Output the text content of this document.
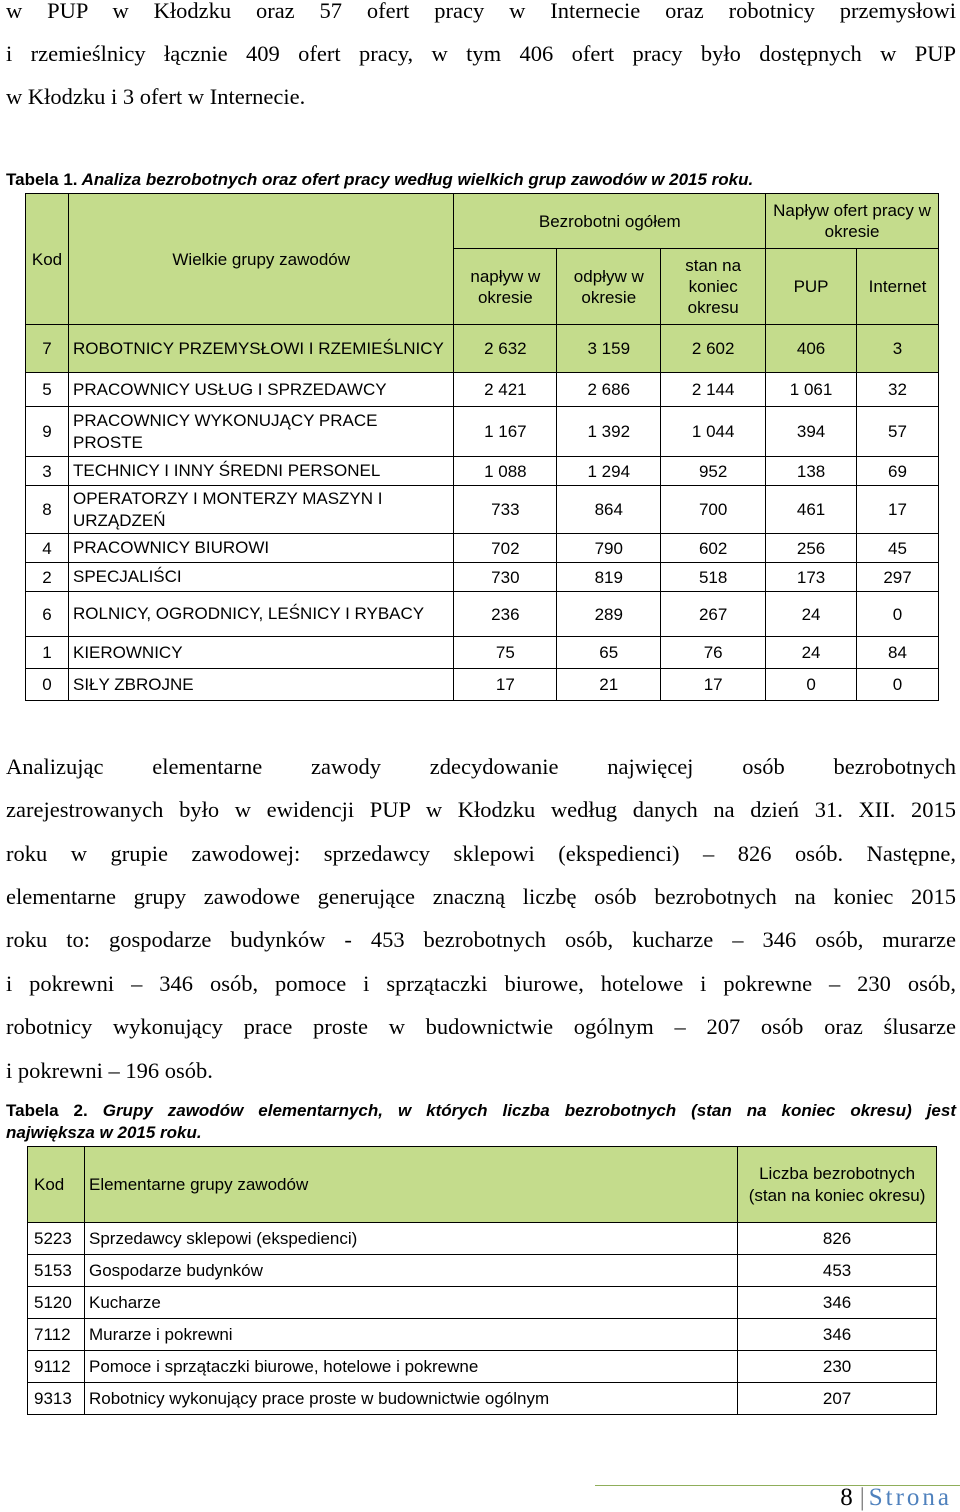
w PUP w Kłodzku oraz 57 ofert pracy w Internecie oraz robotnicy przemysłowi

i rzemieślnicy łącznie 409 ofert pracy, w tym 406 ofert pracy było dostępnych w PUP

w Kłodzku i 3 ofert w Internecie.

Tabela 1. Analiza bezrobotnych oraz ofert pracy według wielkich grup zawodów w 2015 roku.

Kod	Wielkie grupy zawodów	Bezrobotni ogółem			Napływ ofert pracy w okresie	
		napływ w okresie	odpływ w okresie	stan na koniec okresu	PUP	Internet
7	ROBOTNICY PRZEMYSŁOWI I RZEMIEŚLNICY	2 632	3 159	2 602	406	3
5	PRACOWNICY USŁUG I SPRZEDAWCY	2 421	2 686	2 144	1 061	32
9	PRACOWNICY WYKONUJĄCY PRACE PROSTE	1 167	1 392	1 044	394	57
3	TECHNICY I INNY ŚREDNI PERSONEL	1 088	1 294	952	138	69
8	OPERATORZY I MONTERZY MASZYN I URZĄDZEŃ	733	864	700	461	17
4	PRACOWNICY BIUROWI	702	790	602	256	45
2	SPECJALIŚCI	730	819	518	173	297
6	ROLNICY, OGRODNICY, LEŚNICY I RYBACY	236	289	267	24	0
1	KIEROWNICY	75	65	76	24	84
0	SIŁY ZBROJNE	17	21	17	0	0

Analizując elementarne zawody zdecydowanie najwięcej osób bezrobotnych

zarejestrowanych było w ewidencji PUP w Kłodzku według danych na dzień 31. XII. 2015

roku w grupie zawodowej: sprzedawcy sklepowi (ekspedienci) – 826 osób. Następne,

elementarne grupy zawodowe generujące znaczną liczbę osób bezrobotnych na koniec 2015

roku to: gospodarze budynków - 453 bezrobotnych osób, kucharze – 346 osób, murarze

i pokrewni – 346 osób, pomoce i sprzątaczki biurowe, hotelowe i pokrewne – 230 osób,

robotnicy wykonujący prace proste w budownictwie ogólnym – 207 osób oraz ślusarze

i pokrewni – 196 osób.

Tabela 2. Grupy zawodów elementarnych, w których liczba bezrobotnych (stan na koniec okresu) jest

największa w 2015 roku.

Kod	Elementarne grupy zawodów	Liczba bezrobotnych (stan na koniec okresu)
5223	Sprzedawcy sklepowi (ekspedienci)	826
5153	Gospodarze budynków	453
5120	Kucharze	346
7112	Murarze i pokrewni	346
9112	Pomoce i sprzątaczki biurowe, hotelowe i pokrewne	230
9313	Robotnicy wykonujący prace proste w budownictwie ogólnym	207
8 | Strona
